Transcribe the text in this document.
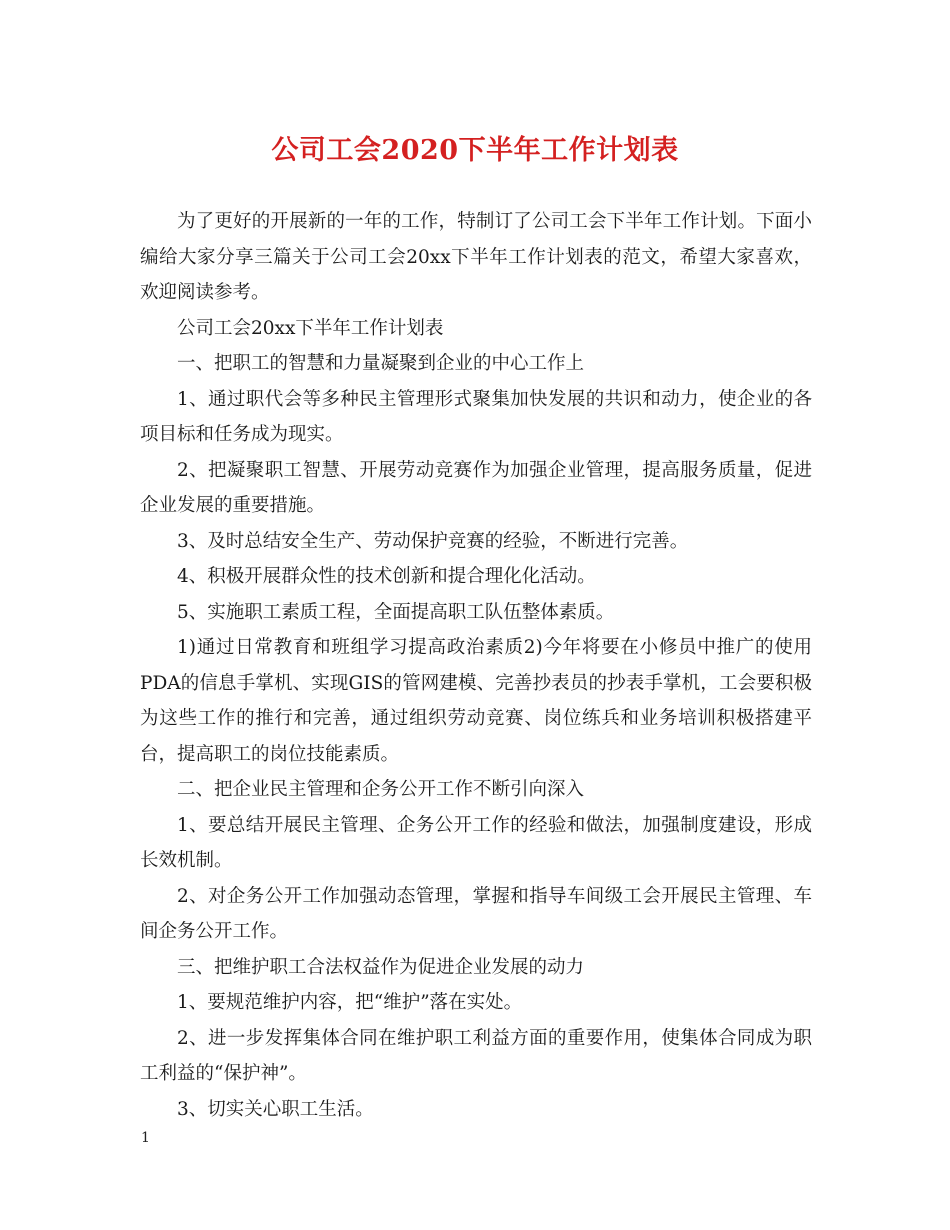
公司工会2020下半年工作计划表

为了更好的开展新的一年的工作，特制订了公司工会下半年工作计划。下面小编给大家分享三篇关于公司工会20xx下半年工作计划表的范文，希望大家喜欢，欢迎阅读参考。

公司工会20xx下半年工作计划表

一、把职工的智慧和力量凝聚到企业的中心工作上

1、通过职代会等多种民主管理形式聚集加快发展的共识和动力，使企业的各项目标和任务成为现实。

2、把凝聚职工智慧、开展劳动竞赛作为加强企业管理，提高服务质量，促进企业发展的重要措施。

3、及时总结安全生产、劳动保护竞赛的经验，不断进行完善。

4、积极开展群众性的技术创新和提合理化化活动。

5、实施职工素质工程，全面提高职工队伍整体素质。

1)通过日常教育和班组学习提高政治素质2)今年将要在小修员中推广的使用PDA的信息手掌机、实现GIS的管网建模、完善抄表员的抄表手掌机，工会要积极为这些工作的推行和完善，通过组织劳动竞赛、岗位练兵和业务培训积极搭建平台，提高职工的岗位技能素质。

二、把企业民主管理和企务公开工作不断引向深入

1、要总结开展民主管理、企务公开工作的经验和做法，加强制度建设，形成长效机制。

2、对企务公开工作加强动态管理，掌握和指导车间级工会开展民主管理、车间企务公开工作。

三、把维护职工合法权益作为促进企业发展的动力

1、要规范维护内容，把“维护”落在实处。

2、进一步发挥集体合同在维护职工利益方面的重要作用，使集体合同成为职工利益的“保护神”。

3、切实关心职工生活。

1
